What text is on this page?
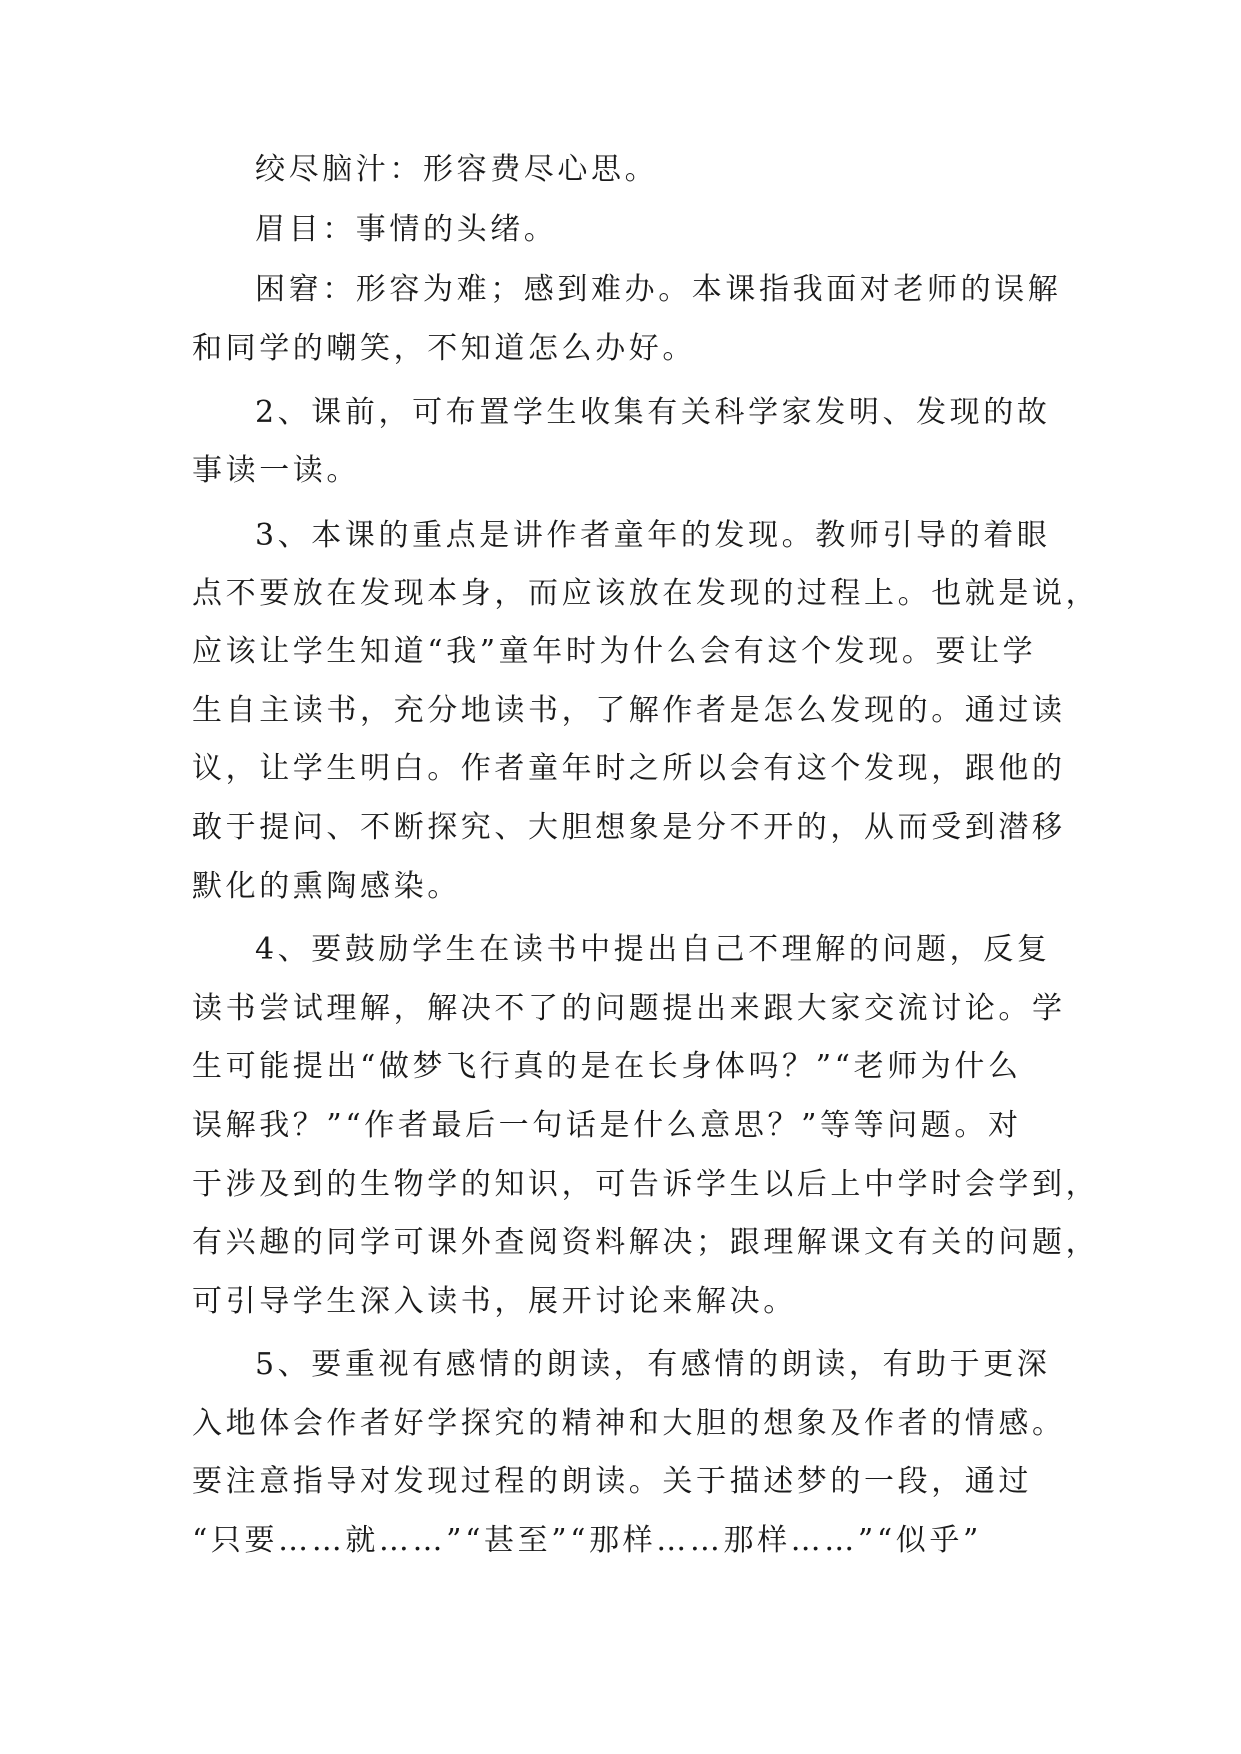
绞尽脑汁：形容费尽心思。
眉目：事情的头绪。
困窘：形容为难；感到难办。本课指我面对老师的误解
和同学的嘲笑，不知道怎么办好。
2、课前，可布置学生收集有关科学家发明、发现的故
事读一读。
3、本课的重点是讲作者童年的发现。教师引导的着眼
点不要放在发现本身，而应该放在发现的过程上。也就是说，
应该让学生知道“我”童年时为什么会有这个发现。要让学
生自主读书，充分地读书，了解作者是怎么发现的。通过读
议，让学生明白。作者童年时之所以会有这个发现，跟他的
敢于提问、不断探究、大胆想象是分不开的，从而受到潜移
默化的熏陶感染。
4、要鼓励学生在读书中提出自己不理解的问题，反复
读书尝试理解，解决不了的问题提出来跟大家交流讨论。学
生可能提出“做梦飞行真的是在长身体吗？”“老师为什么
误解我？”“作者最后一句话是什么意思？”等等问题。对
于涉及到的生物学的知识，可告诉学生以后上中学时会学到，
有兴趣的同学可课外查阅资料解决；跟理解课文有关的问题，
可引导学生深入读书，展开讨论来解决。
5、要重视有感情的朗读，有感情的朗读，有助于更深
入地体会作者好学探究的精神和大胆的想象及作者的情感。
要注意指导对发现过程的朗读。关于描述梦的一段，通过
“只要……就……”“甚至”“那样……那样……”“似乎”
